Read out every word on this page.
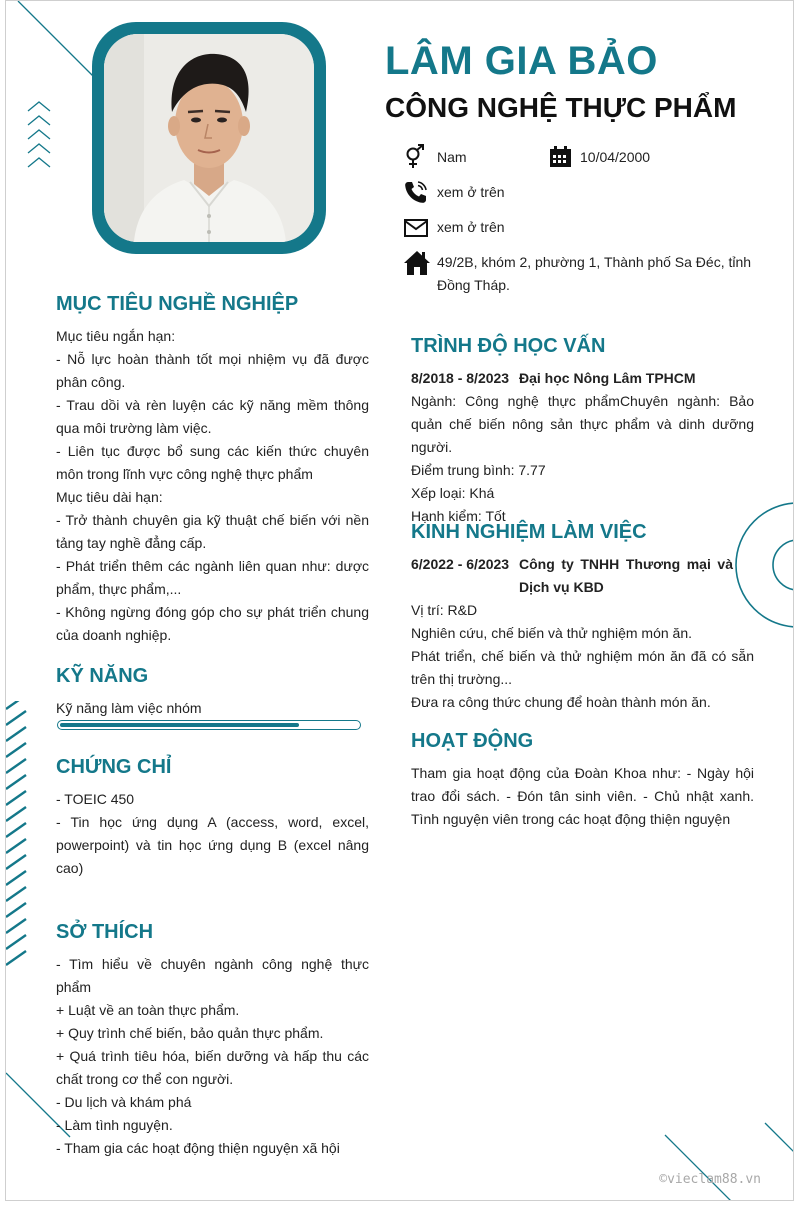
LÂM GIA BẢO
CÔNG NGHỆ THỰC PHẨM
Nam	10/04/2000
xem ở trên
xem ở trên
49/2B, khóm 2, phường 1, Thành phố Sa Đéc, tỉnh Đồng Tháp.
MỤC TIÊU NGHỀ NGHIỆP

Mục tiêu ngắn hạn:

- Nỗ lực hoàn thành tốt mọi nhiệm vụ đã được phân công.

- Trau dồi và rèn luyện các kỹ năng mềm thông qua môi trường làm việc.

- Liên tục được bổ sung các kiến thức chuyên môn trong lĩnh vực công nghệ thực phẩm

Mục tiêu dài hạn:

- Trở thành chuyên gia kỹ thuật chế biến với nền tảng tay nghề đẳng cấp.

- Phát triển thêm các ngành liên quan như: dược phẩm, thực phẩm,...

- Không ngừng đóng góp cho sự phát triển chung của doanh nghiệp.

KỸ NĂNG
Kỹ năng làm việc nhóm
CHỨNG CHỈ

- TOEIC 450

- Tin học ứng dụng A (access, word, excel, powerpoint) và tin học ứng dụng B (excel nâng cao)

SỞ THÍCH

- Tìm hiểu về chuyên ngành công nghệ thực phẩm

+ Luật về an toàn thực phẩm.

+ Quy trình chế biến, bảo quản thực phẩm.

+ Quá trình tiêu hóa, biến dưỡng và hấp thu các chất trong cơ thể con người.

- Du lịch và khám phá

- Làm tình nguyện.

- Tham gia các hoạt động thiện nguyện xã hội

TRÌNH ĐỘ HỌC VẤN
8/2018 - 8/2023 Đại học Nông Lâm TPHCM

Ngành: Công nghệ thực phẩmChuyên ngành: Bảo quản chế biến nông sản thực phẩm và dinh dưỡng người.

Điểm trung bình: 7.77

Xếp loại: Khá

Hạnh kiểm: Tốt

KINH NGHIỆM LÀM VIỆC
6/2022 - 6/2023 Công ty TNHH Thương mại và Dịch vụ KBD

Vị trí: R&D

Nghiên cứu, chế biến và thử nghiệm món ăn.

Phát triển, chế biến và thử nghiệm món ăn đã có sẵn trên thị trường...

Đưa ra công thức chung để hoàn thành món ăn.

HOẠT ĐỘNG
Tham gia hoạt động của Đoàn Khoa như: - Ngày hội trao đổi sách. - Đón tân sinh viên. - Chủ nhật xanh. Tình nguyện viên trong các hoạt động thiện nguyện
©vieclam88.vn
